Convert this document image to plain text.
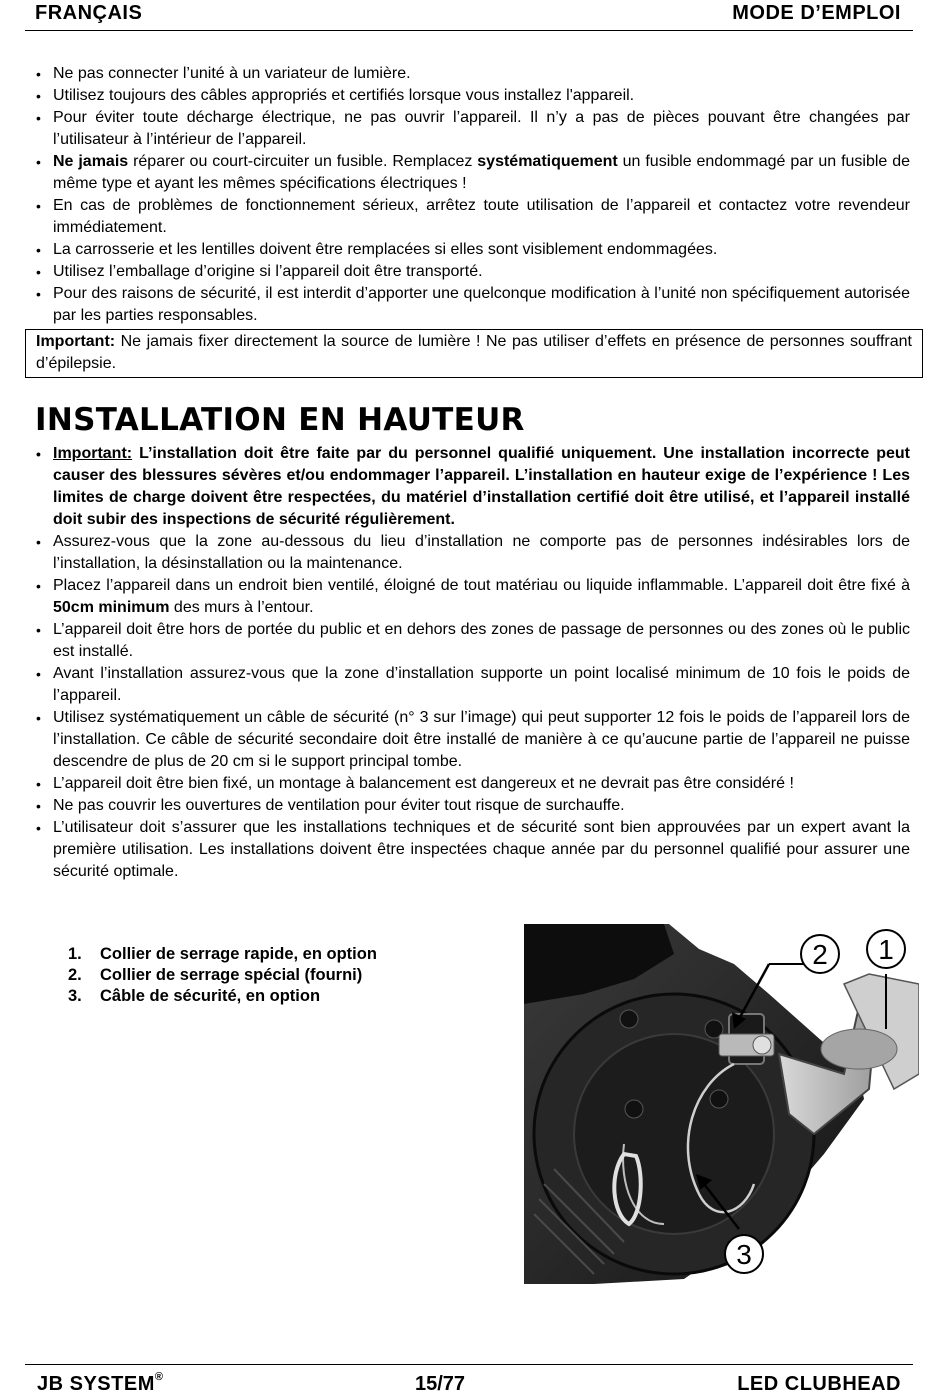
FRANÇAIS	MODE D’EMPLOI
• Ne pas connecter l’unité à un variateur de lumière.
• Utilisez toujours des câbles appropriés et certifiés lorsque vous installez l'appareil.
• Pour éviter toute décharge électrique, ne pas ouvrir l’appareil. Il n’y a pas de pièces pouvant être changées par l’utilisateur à l’intérieur de l’appareil.
• Ne jamais réparer ou court-circuiter un fusible. Remplacez systématiquement un fusible endommagé par un fusible de même type et ayant les mêmes spécifications électriques !
• En cas de problèmes de fonctionnement sérieux, arrêtez toute utilisation de l’appareil et contactez votre revendeur immédiatement.
• La carrosserie et les lentilles doivent être remplacées si elles sont visiblement endommagées.
• Utilisez l’emballage d’origine si l’appareil doit être transporté.
• Pour des raisons de sécurité, il est interdit d’apporter une quelconque modification à l’unité non spécifiquement autorisée par les parties responsables.
Important: Ne jamais fixer directement la source de lumière ! Ne pas utiliser d’effets en présence de personnes souffrant d’épilepsie.
INSTALLATION EN HAUTEUR
• Important: L’installation doit être faite par du personnel qualifié uniquement. Une installation incorrecte peut causer des blessures sévères et/ou endommager l’appareil. L’installation en hauteur exige de l’expérience ! Les limites de charge doivent être respectées, du matériel d’installation certifié doit être utilisé, et l’appareil installé doit subir des inspections de sécurité régulièrement.
• Assurez-vous que la zone au-dessous du lieu d’installation ne comporte pas de personnes indésirables lors de l’installation, la désinstallation ou la maintenance.
• Placez l’appareil dans un endroit bien ventilé, éloigné de tout matériau ou liquide inflammable. L’appareil doit être fixé à 50cm minimum des murs à l’entour.
• L’appareil doit être hors de portée du public et en dehors des zones de passage de personnes ou des zones où le public est installé.
• Avant l’installation assurez-vous que la zone d’installation supporte un point localisé minimum de 10 fois le poids de l’appareil.
• Utilisez systématiquement un câble de sécurité (n° 3 sur l’image) qui peut supporter 12 fois le poids de l’appareil lors de l’installation. Ce câble de sécurité secondaire doit être installé de manière à ce qu’aucune partie de l’appareil ne puisse descendre de plus de 20 cm si le support principal tombe.
• L’appareil doit être bien fixé, un montage à balancement est dangereux et ne devrait pas être considéré !
• Ne pas couvrir les ouvertures de ventilation pour éviter tout risque de surchauffe.
• L’utilisateur doit s’assurer que les installations techniques et de sécurité sont bien approuvées par un expert avant la première utilisation. Les installations doivent être inspectées chaque année par du personnel qualifié pour assurer une sécurité optimale.
1. Collier de serrage rapide, en option
2. Collier de serrage spécial (fourni)
3. Câble de sécurité, en option
2 1
3
JB SYSTEM®	15/77	LED CLUBHEAD
